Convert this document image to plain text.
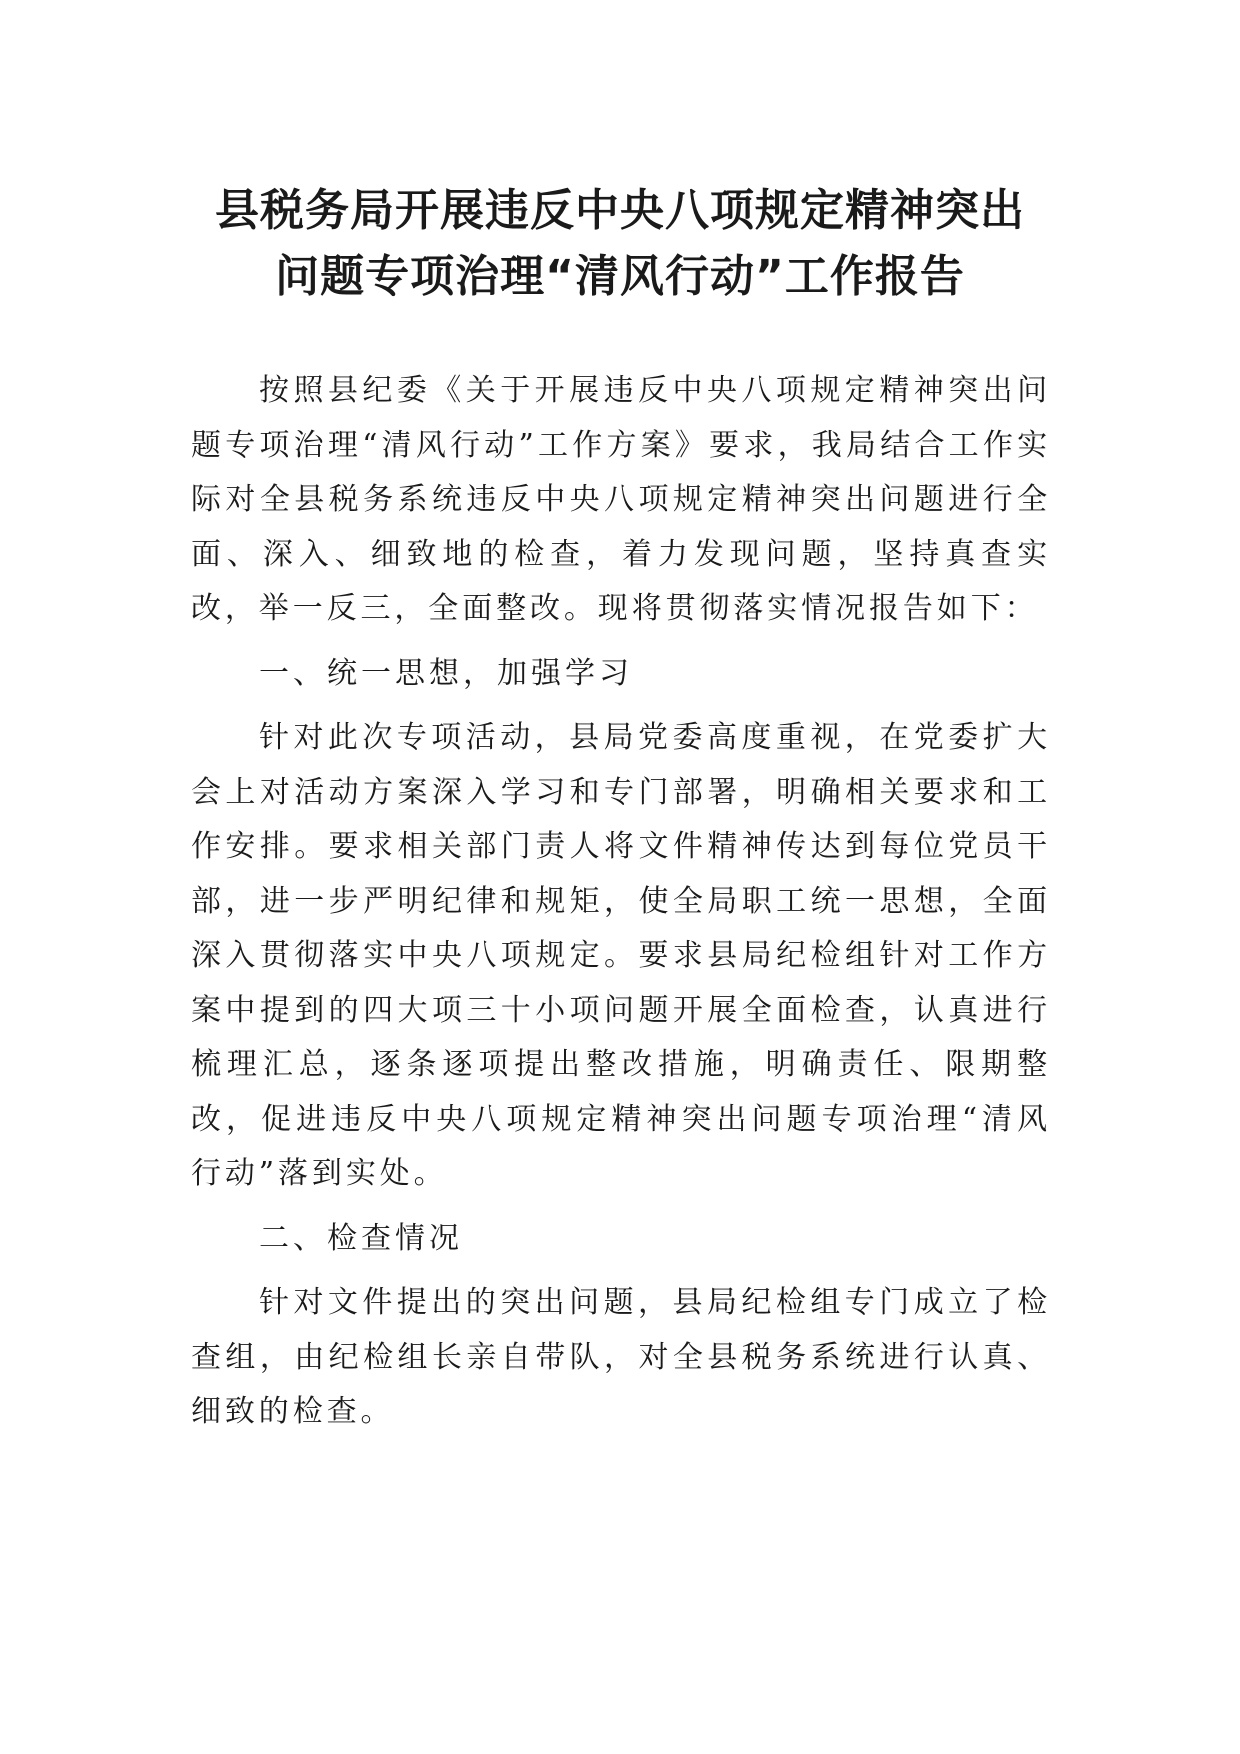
县税务局开展违反中央八项规定精神突出
问题专项治理“清风行动”工作报告

按照县纪委《关于开展违反中央八项规定精神突出问题专项治理“清风行动”工作方案》要求，我局结合工作实际对全县税务系统违反中央八项规定精神突出问题进行全面、深入、细致地的检查，着力发现问题，坚持真查实改，举一反三，全面整改。现将贯彻落实情况报告如下：

一、统一思想，加强学习

针对此次专项活动，县局党委高度重视，在党委扩大会上对活动方案深入学习和专门部署，明确相关要求和工作安排。要求相关部门责人将文件精神传达到每位党员干部，进一步严明纪律和规矩，使全局职工统一思想，全面深入贯彻落实中央八项规定。要求县局纪检组针对工作方案中提到的四大项三十小项问题开展全面检查，认真进行梳理汇总，逐条逐项提出整改措施，明确责任、限期整改，促进违反中央八项规定精神突出问题专项治理“清风行动”落到实处。

二、检查情况

针对文件提出的突出问题，县局纪检组专门成立了检查组，由纪检组长亲自带队，对全县税务系统进行认真、细致的检查。
